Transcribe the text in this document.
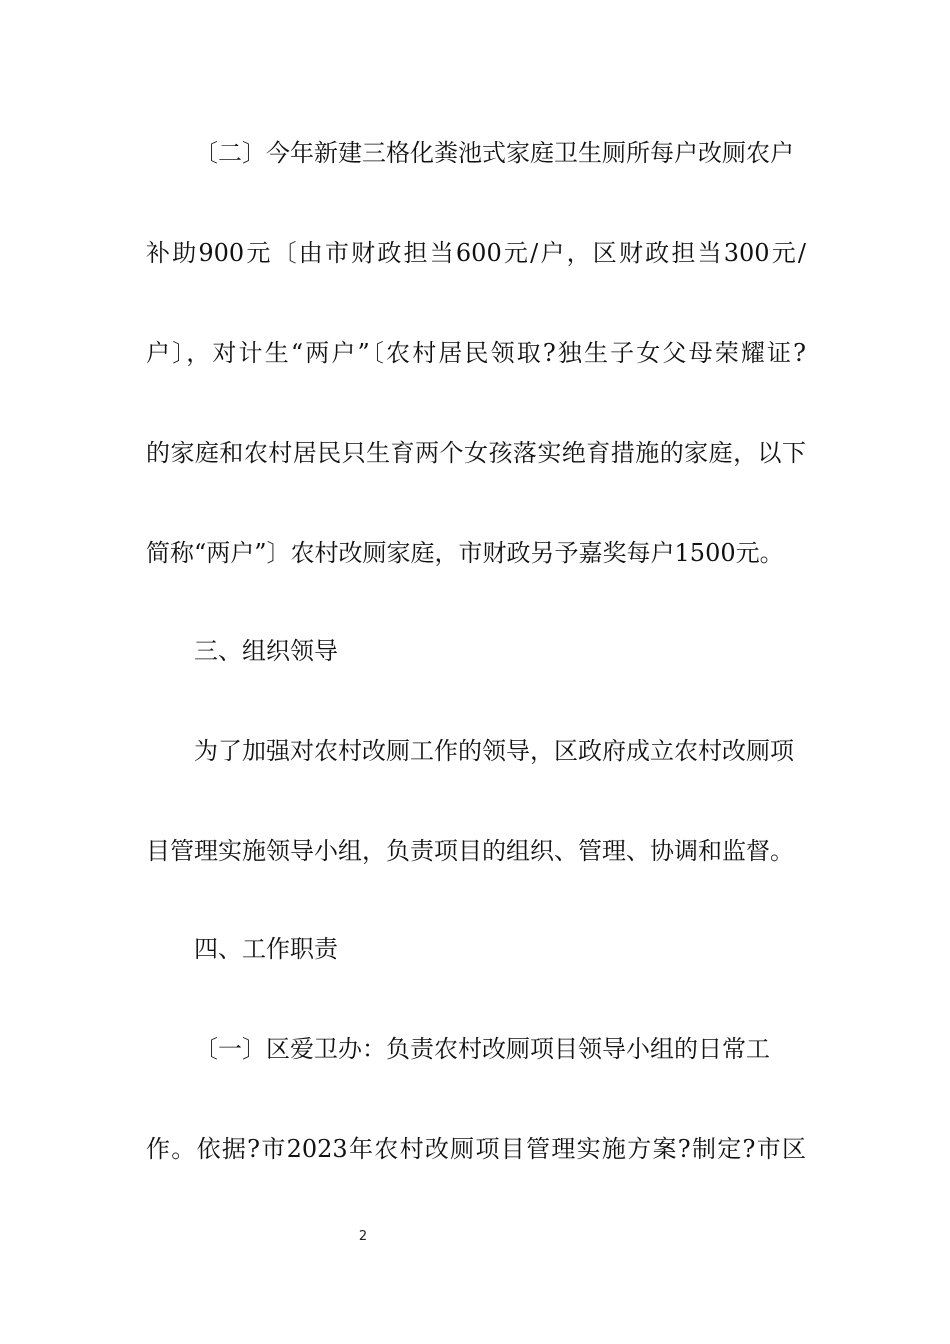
〔二〕今年新建三格化粪池式家庭卫生厕所每户改厕农户
补助900元〔由市财政担当600元/户，区财政担当300元/
户〕，对计生“两户”〔农村居民领取?独生子女父母荣耀证?
的家庭和农村居民只生育两个女孩落实绝育措施的家庭，以下
简称“两户”〕农村改厕家庭，市财政另予嘉奖每户1500元。
三、组织领导
为了加强对农村改厕工作的领导，区政府成立农村改厕项
目管理实施领导小组，负责项目的组织、管理、协调和监督。
四、工作职责
〔一〕区爱卫办：负责农村改厕项目领导小组的日常工
作。依据?市2023年农村改厕项目管理实施方案?制定?市区
2
